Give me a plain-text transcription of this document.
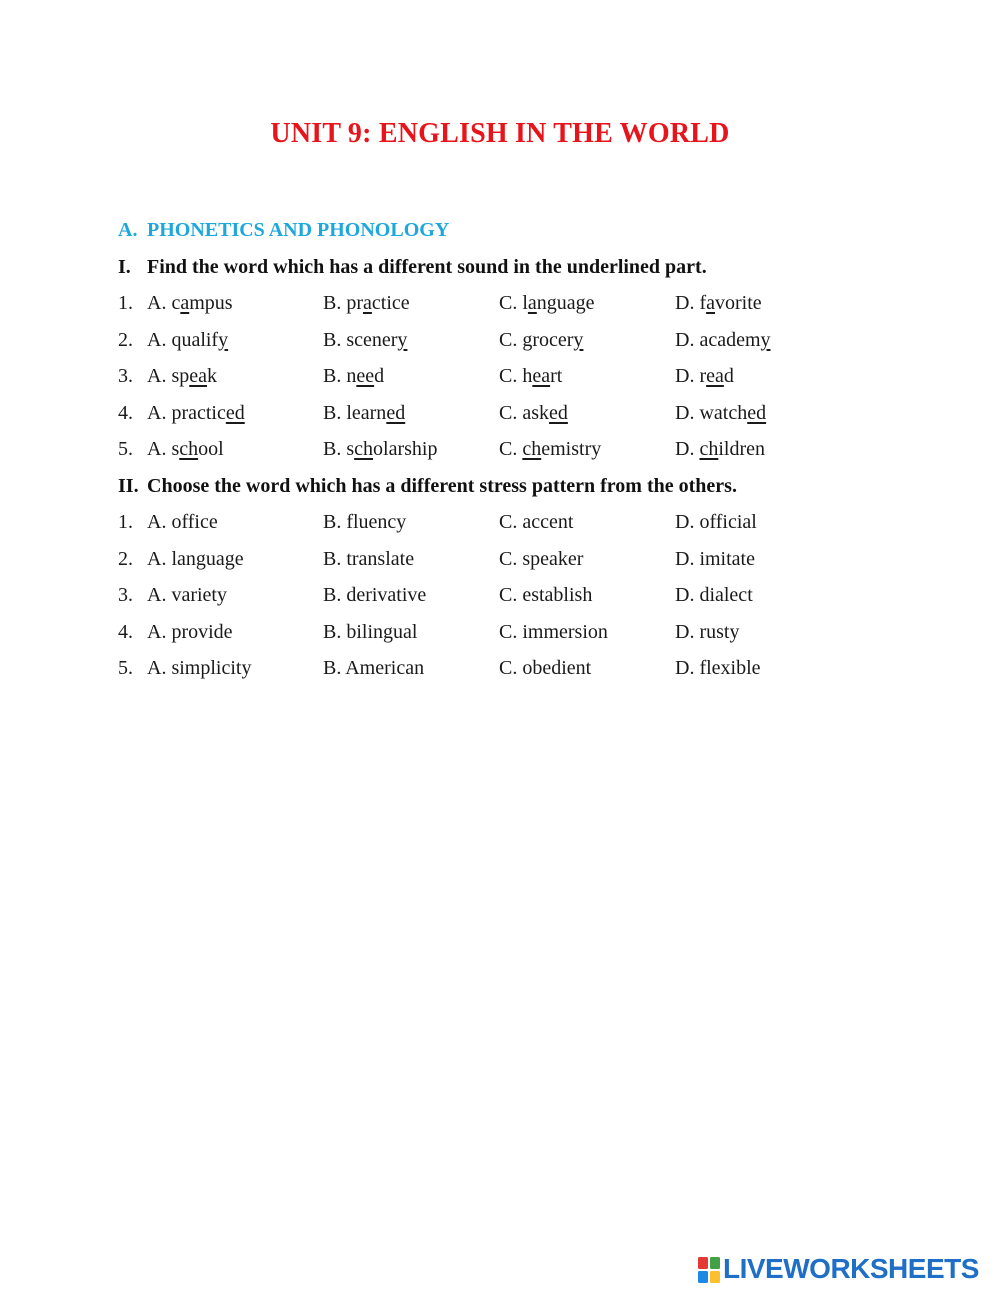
UNIT 9: ENGLISH IN THE WORLD
A. PHONETICS AND PHONOLOGY
I. Find the word which has a different sound in the underlined part.
1. A. campus	B. practice	C. language	D. favorite
2. A. qualify	B. scenery	C. grocery	D. academy
3. A. speak	B. need	C. heart	D. read
4. A. practiced	B. learned	C. asked	D. watched
5. A. school	B. scholarship	C. chemistry	D. children
II. Choose the word which has a different stress pattern from the others.
1. A. office	B. fluency	C. accent	D. official
2. A. language	B. translate	C. speaker	D. imitate
3. A. variety	B. derivative	C. establish	D. dialect
4. A. provide	B. bilingual	C. immersion	D. rusty
5. A. simplicity	B. American	C. obedient	D. flexible
LIVEWORKSHEETS
